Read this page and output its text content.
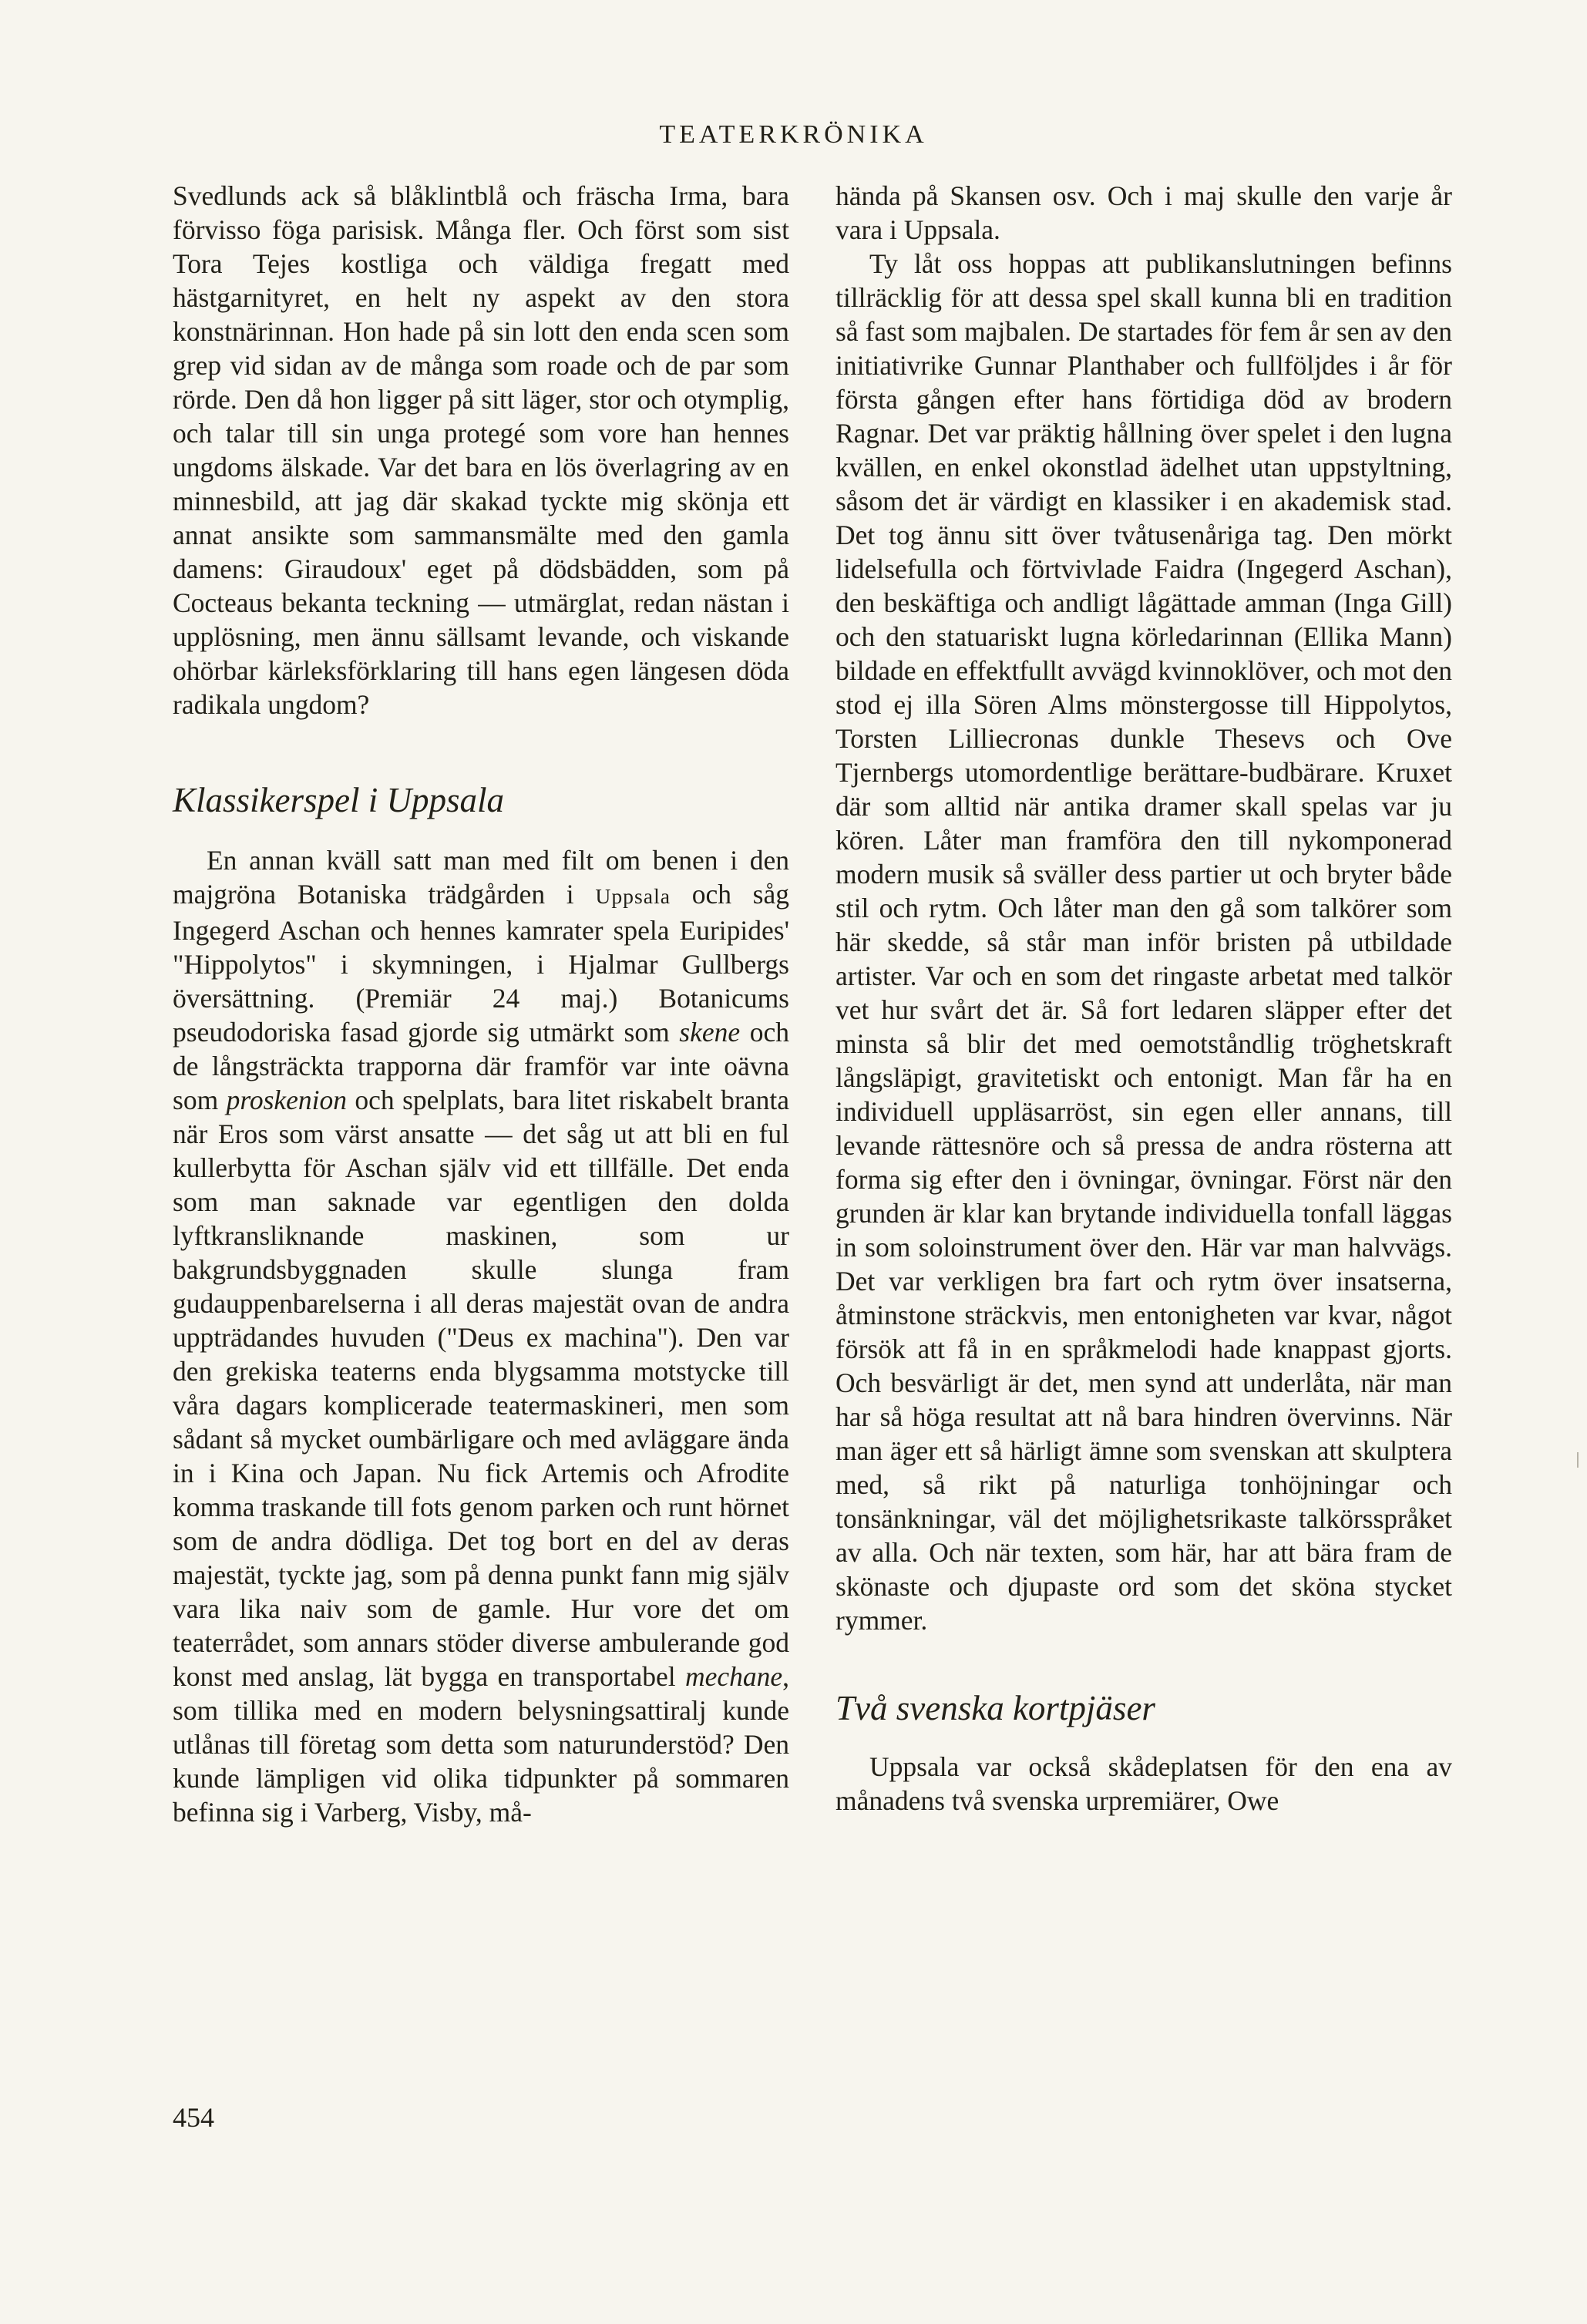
TEATERKRÖNIKA

Svedlunds ack så blåklintblå och fräscha Irma, bara förvisso föga parisisk. Många fler. Och först som sist Tora Tejes kostliga och väldiga fregatt med hästgarnityret, en helt ny aspekt av den stora konstnärinnan. Hon hade på sin lott den enda scen som grep vid sidan av de många som roade och de par som rörde. Den då hon ligger på sitt läger, stor och otymplig, och talar till sin unga protegé som vore han hennes ungdoms älskade. Var det bara en lös överlagring av en minnesbild, att jag där skakad tyckte mig skönja ett annat ansikte som sammansmälte med den gamla damens: Giraudoux' eget på dödsbädden, som på Cocteaus bekanta teckning — utmärglat, redan nästan i upplösning, men ännu sällsamt levande, och viskande ohörbar kärleksförklaring till hans egen längesen döda radikala ungdom?

Klassikerspel i Uppsala

En annan kväll satt man med filt om benen i den majgröna Botaniska trädgården i Uppsala och såg Ingegerd Aschan och hennes kamrater spela Euripides' "Hippolytos" i skymningen, i Hjalmar Gullbergs översättning. (Premiär 24 maj.) Botanicums pseudodoriska fasad gjorde sig utmärkt som skene och de långsträckta trapporna där framför var inte oävna som proskenion och spelplats, bara litet riskabelt branta när Eros som värst ansatte — det såg ut att bli en ful kullerbytta för Aschan själv vid ett tillfälle. Det enda som man saknade var egentligen den dolda lyftkransliknande maskinen, som ur bakgrundsbyggnaden skulle slunga fram gudauppenbarelserna i all deras majestät ovan de andra uppträdandes huvuden ("Deus ex machina"). Den var den grekiska teaterns enda blygsamma motstycke till våra dagars komplicerade teatermaskineri, men som sådant så mycket oumbärligare och med avläggare ända in i Kina och Japan. Nu fick Artemis och Afrodite komma traskande till fots genom parken och runt hörnet som de andra dödliga. Det tog bort en del av deras majestät, tyckte jag, som på denna punkt fann mig själv vara lika naiv som de gamle. Hur vore det om teaterrådet, som annars stöder diverse ambulerande god konst med anslag, lät bygga en transportabel mechane, som tillika med en modern belysningsattiralj kunde utlånas till företag som detta som naturunderstöd? Den kunde lämpligen vid olika tidpunkter på sommaren befinna sig i Varberg, Visby, må-

hända på Skansen osv. Och i maj skulle den varje år vara i Uppsala.

Ty låt oss hoppas att publikanslutningen befinns tillräcklig för att dessa spel skall kunna bli en tradition så fast som majbalen. De startades för fem år sen av den initiativrike Gunnar Planthaber och fullföljdes i år för första gången efter hans förtidiga död av brodern Ragnar. Det var präktig hållning över spelet i den lugna kvällen, en enkel okonstlad ädelhet utan uppstyltning, såsom det är värdigt en klassiker i en akademisk stad. Det tog ännu sitt över tvåtusenåriga tag. Den mörkt lidelsefulla och förtvivlade Faidra (Ingegerd Aschan), den beskäftiga och andligt lågättade amman (Inga Gill) och den statuariskt lugna körledarinnan (Ellika Mann) bildade en effektfullt avvägd kvinnoklöver, och mot den stod ej illa Sören Alms mönstergosse till Hippolytos, Torsten Lilliecronas dunkle Thesevs och Ove Tjernbergs utomordentlige berättare-budbärare. Kruxet där som alltid när antika dramer skall spelas var ju kören. Låter man framföra den till nykomponerad modern musik så sväller dess partier ut och bryter både stil och rytm. Och låter man den gå som talkörer som här skedde, så står man inför bristen på utbildade artister. Var och en som det ringaste arbetat med talkör vet hur svårt det är. Så fort ledaren släpper efter det minsta så blir det med oemotståndlig tröghetskraft långsläpigt, gravitetiskt och entonigt. Man får ha en individuell uppläsarröst, sin egen eller annans, till levande rättesnöre och så pressa de andra rösterna att forma sig efter den i övningar, övningar. Först när den grunden är klar kan brytande individuella tonfall läggas in som soloinstrument över den. Här var man halvvägs. Det var verkligen bra fart och rytm över insatserna, åtminstone sträckvis, men entonigheten var kvar, något försök att få in en språkmelodi hade knappast gjorts. Och besvärligt är det, men synd att underlåta, när man har så höga resultat att nå bara hindren övervinns. När man äger ett så härligt ämne som svenskan att skulptera med, så rikt på naturliga tonhöjningar och tonsänkningar, väl det möjlighetsrikaste talkörsspråket av alla. Och när texten, som här, har att bära fram de skönaste och djupaste ord som det sköna stycket rymmer.

Två svenska kortpjäser

Uppsala var också skådeplatsen för den ena av månadens två svenska urpremiärer, Owe

454
